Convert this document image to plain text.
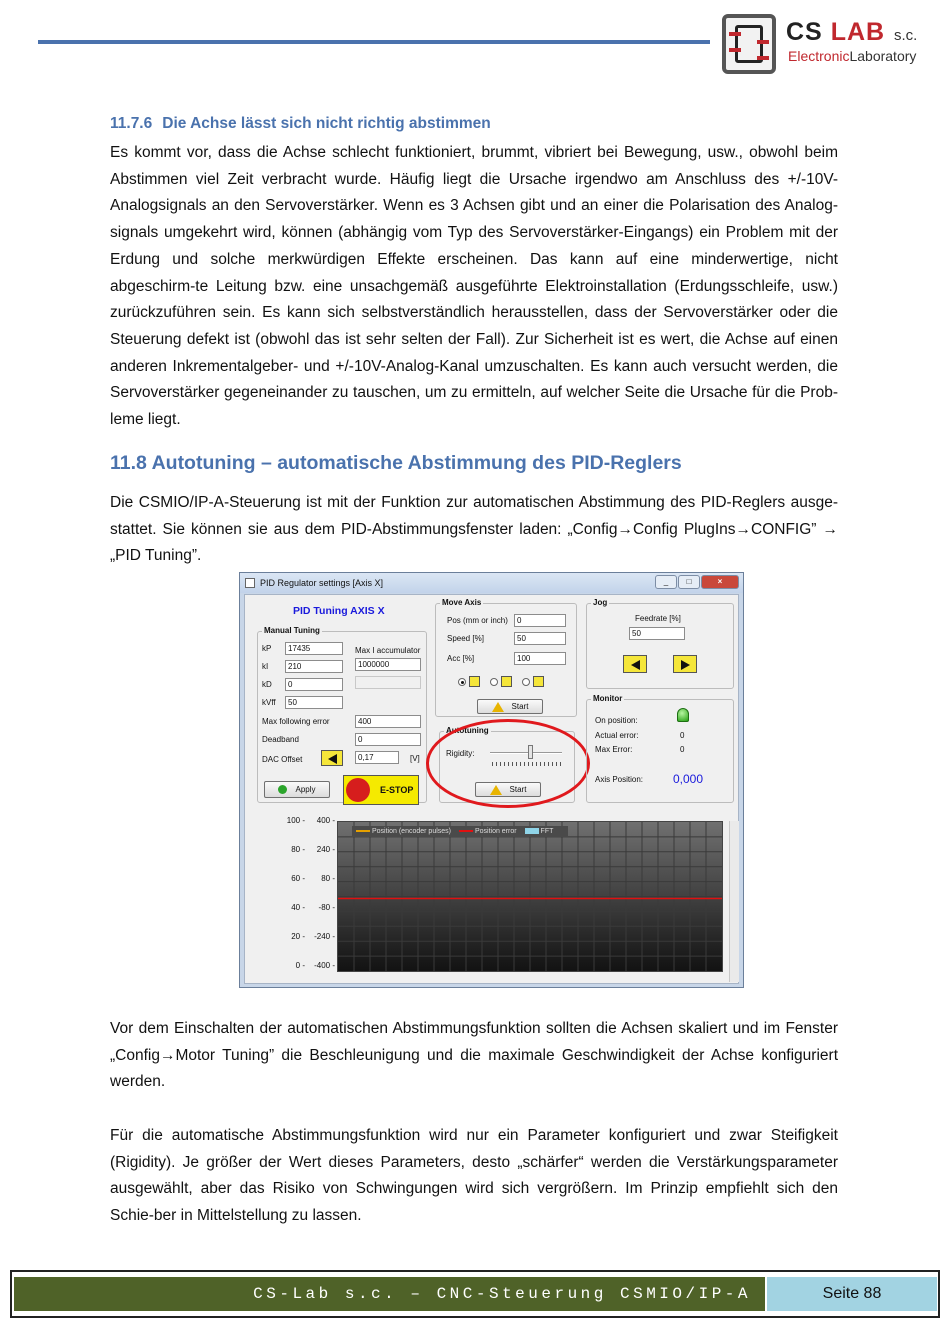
CS LAB s.c.
ElectronicLaboratory
11.7.6 Die Achse lässt sich nicht richtig abstimmen
Es kommt vor, dass die Achse schlecht funktioniert, brummt, vibriert bei Bewegung, usw., obwohl beim Abstimmen viel Zeit verbracht wurde. Häufig liegt die Ursache irgendwo am Anschluss des +/-10V-Analogsignals an den Servoverstärker. Wenn es 3 Achsen gibt und an einer die Polarisation des Analog-signals umgekehrt wird, können (abhängig vom Typ des Servoverstärker-Eingangs) ein Problem mit der Erdung und solche merkwürdigen Effekte erscheinen. Das kann auf eine minderwertige, nicht abgeschirm-te Leitung bzw. eine unsachgemäß ausgeführte Elektroinstallation (Erdungsschleife, usw.) zurückzuführen sein. Es kann sich selbstverständlich herausstellen, dass der Servoverstärker oder die Steuerung defekt ist (obwohl das ist sehr selten der Fall). Zur Sicherheit ist es wert, die Achse auf einen anderen Inkrementalgeber- und +/-10V-Analog-Kanal umzuschalten. Es kann auch versucht werden, die Servoverstärker gegeneinander zu tauschen, um zu ermitteln, auf welcher Seite die Ursache für die Prob-leme liegt.
11.8 Autotuning – automatische Abstimmung des PID-Reglers
Die CSMIO/IP-A-Steuerung ist mit der Funktion zur automatischen Abstimmung des PID-Reglers ausge-stattet. Sie können sie aus dem PID-Abstimmungsfenster laden: „Config→Config PlugIns→CONFIG” → „PID Tuning”.
PID Regulator settings [Axis X]	_	□	×
PID Tuning AXIS X
Manual Tuning
kP	17435
kI	210
kD	0
kVff	50
Max I accumulator
1000000
Max following error	400
Deadband	0
DAC Offset	0,17	[V]
Apply	E-STOP
Move Axis
Pos (mm or inch)	0
Speed [%]	50
Acc [%]	100
Start
Autotuning
Rigidity:
Start
Jog
Feedrate [%]
50
Monitor
On position:
Actual error:	0
Max Error:	0
Axis Position: 0,000
Position (encoder pulses)	Position error	FFT
100 -	400 -
80 -	240 -
60 -	80 -
40 -	-80 -
20 -	-240 -
0 -	-400 -
Vor dem Einschalten der automatischen Abstimmungsfunktion sollten die Achsen skaliert und im Fenster „Config→Motor Tuning” die Beschleunigung und die maximale Geschwindigkeit der Achse konfiguriert werden.
Für die automatische Abstimmungsfunktion wird nur ein Parameter konfiguriert und zwar Steifigkeit (Rigidity). Je größer der Wert dieses Parameters, desto „schärfer“ werden die Verstärkungsparameter ausgewählt, aber das Risiko von Schwingungen wird sich vergrößern. Im Prinzip empfiehlt sich den Schie-ber in Mittelstellung zu lassen.
CS-Lab s.c. – CNC-Steuerung CSMIO/IP-A	Seite 88
